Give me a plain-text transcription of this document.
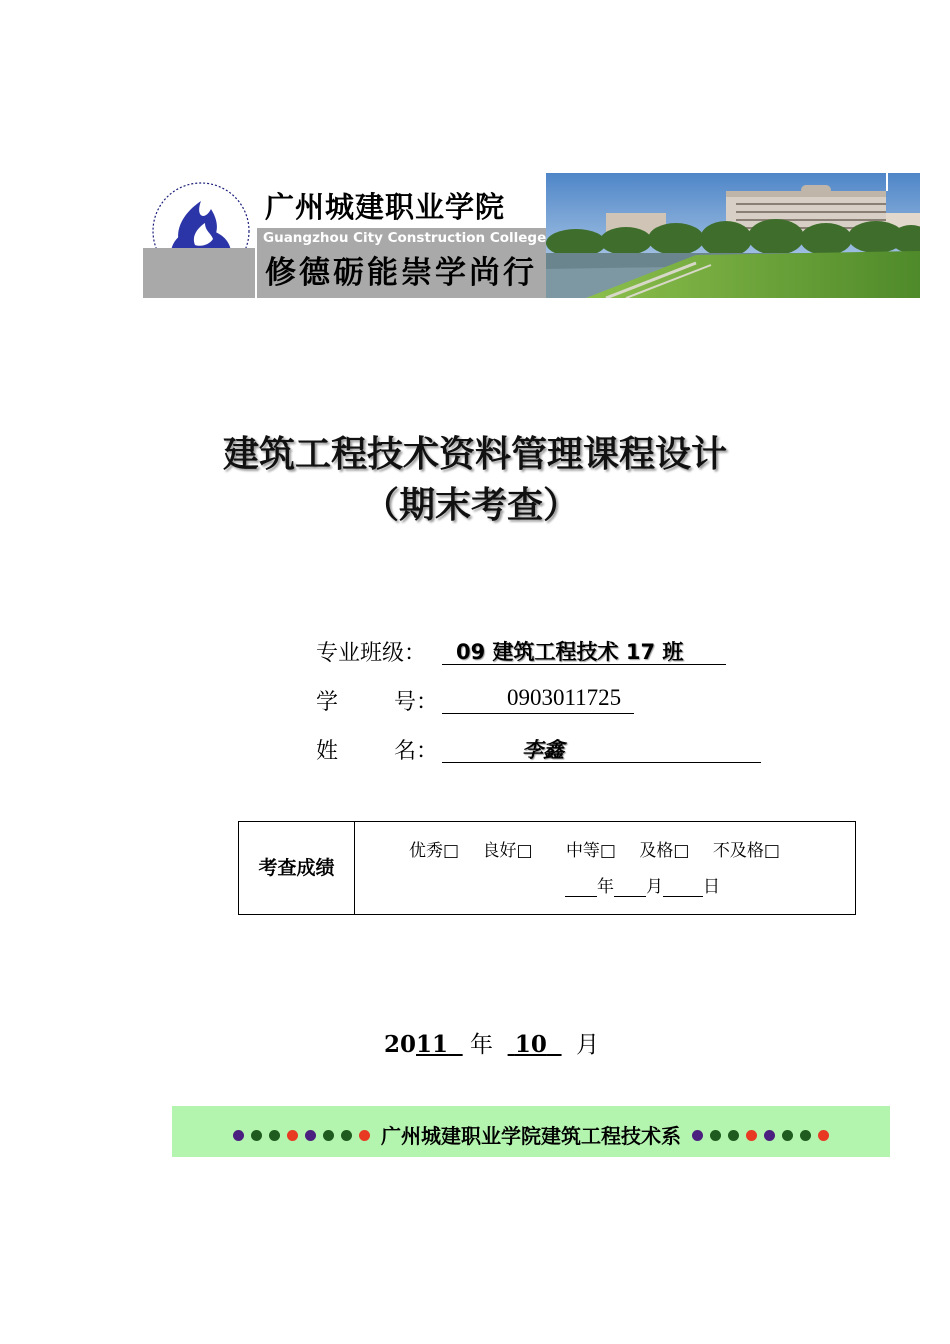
广州城建职业学院
Guangzhou City Construction College
修德砺能崇学尚行
建筑工程技术资料管理课程设计
（期末考查）
专业班级： 09 建筑工程技术 17 班
学	号：	0903011725
姓	名：	李鑫
考查成绩
优秀□ 良好□ 中等□ 及格□ 不及格□
年 月 日
2011 年 10 月
广州城建职业学院建筑工程技术系
